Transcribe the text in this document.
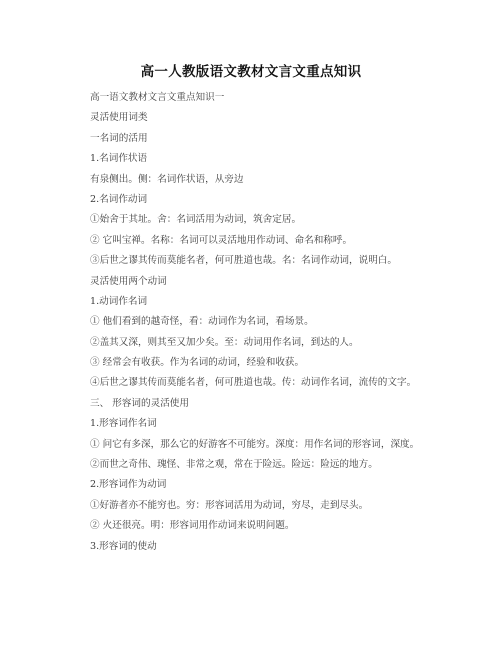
高一人教版语文教材文言文重点知识
高一语文教材文言文重点知识一
灵活使用词类
一名词的活用
1.名词作状语
有泉侧出。侧：名词作状语，从旁边
2.名词作动词
①始舍于其址。舍：名词活用为动词，筑舍定居。
② 它叫宝禅。名称：名词可以灵活地用作动词、命名和称呼。
③后世之谬其传而莫能名者，何可胜道也哉。名：名词作动词，说明白。
灵活使用两个动词
1.动词作名词
① 他们看到的越奇怪，看：动词作为名词，看场景。
②盖其又深，则其至又加少矣。至：动词用作名词，到达的人。
③ 经常会有收获。作为名词的动词，经验和收获。
④后世之谬其传而莫能名者，何可胜道也哉。传：动词作名词，流传的文字。
三、 形容词的灵活使用
1.形容词作名词
① 问它有多深，那么它的好游客不可能穷。深度：用作名词的形容词，深度。
②而世之奇伟、瑰怪、非常之观，常在于险远。险远：险远的地方。
2.形容词作为动词
①好游者亦不能穷也。穷：形容词活用为动词，穷尽，走到尽头。
② 火还很亮。明：形容词用作动词来说明问题。
3.形容词的使动
